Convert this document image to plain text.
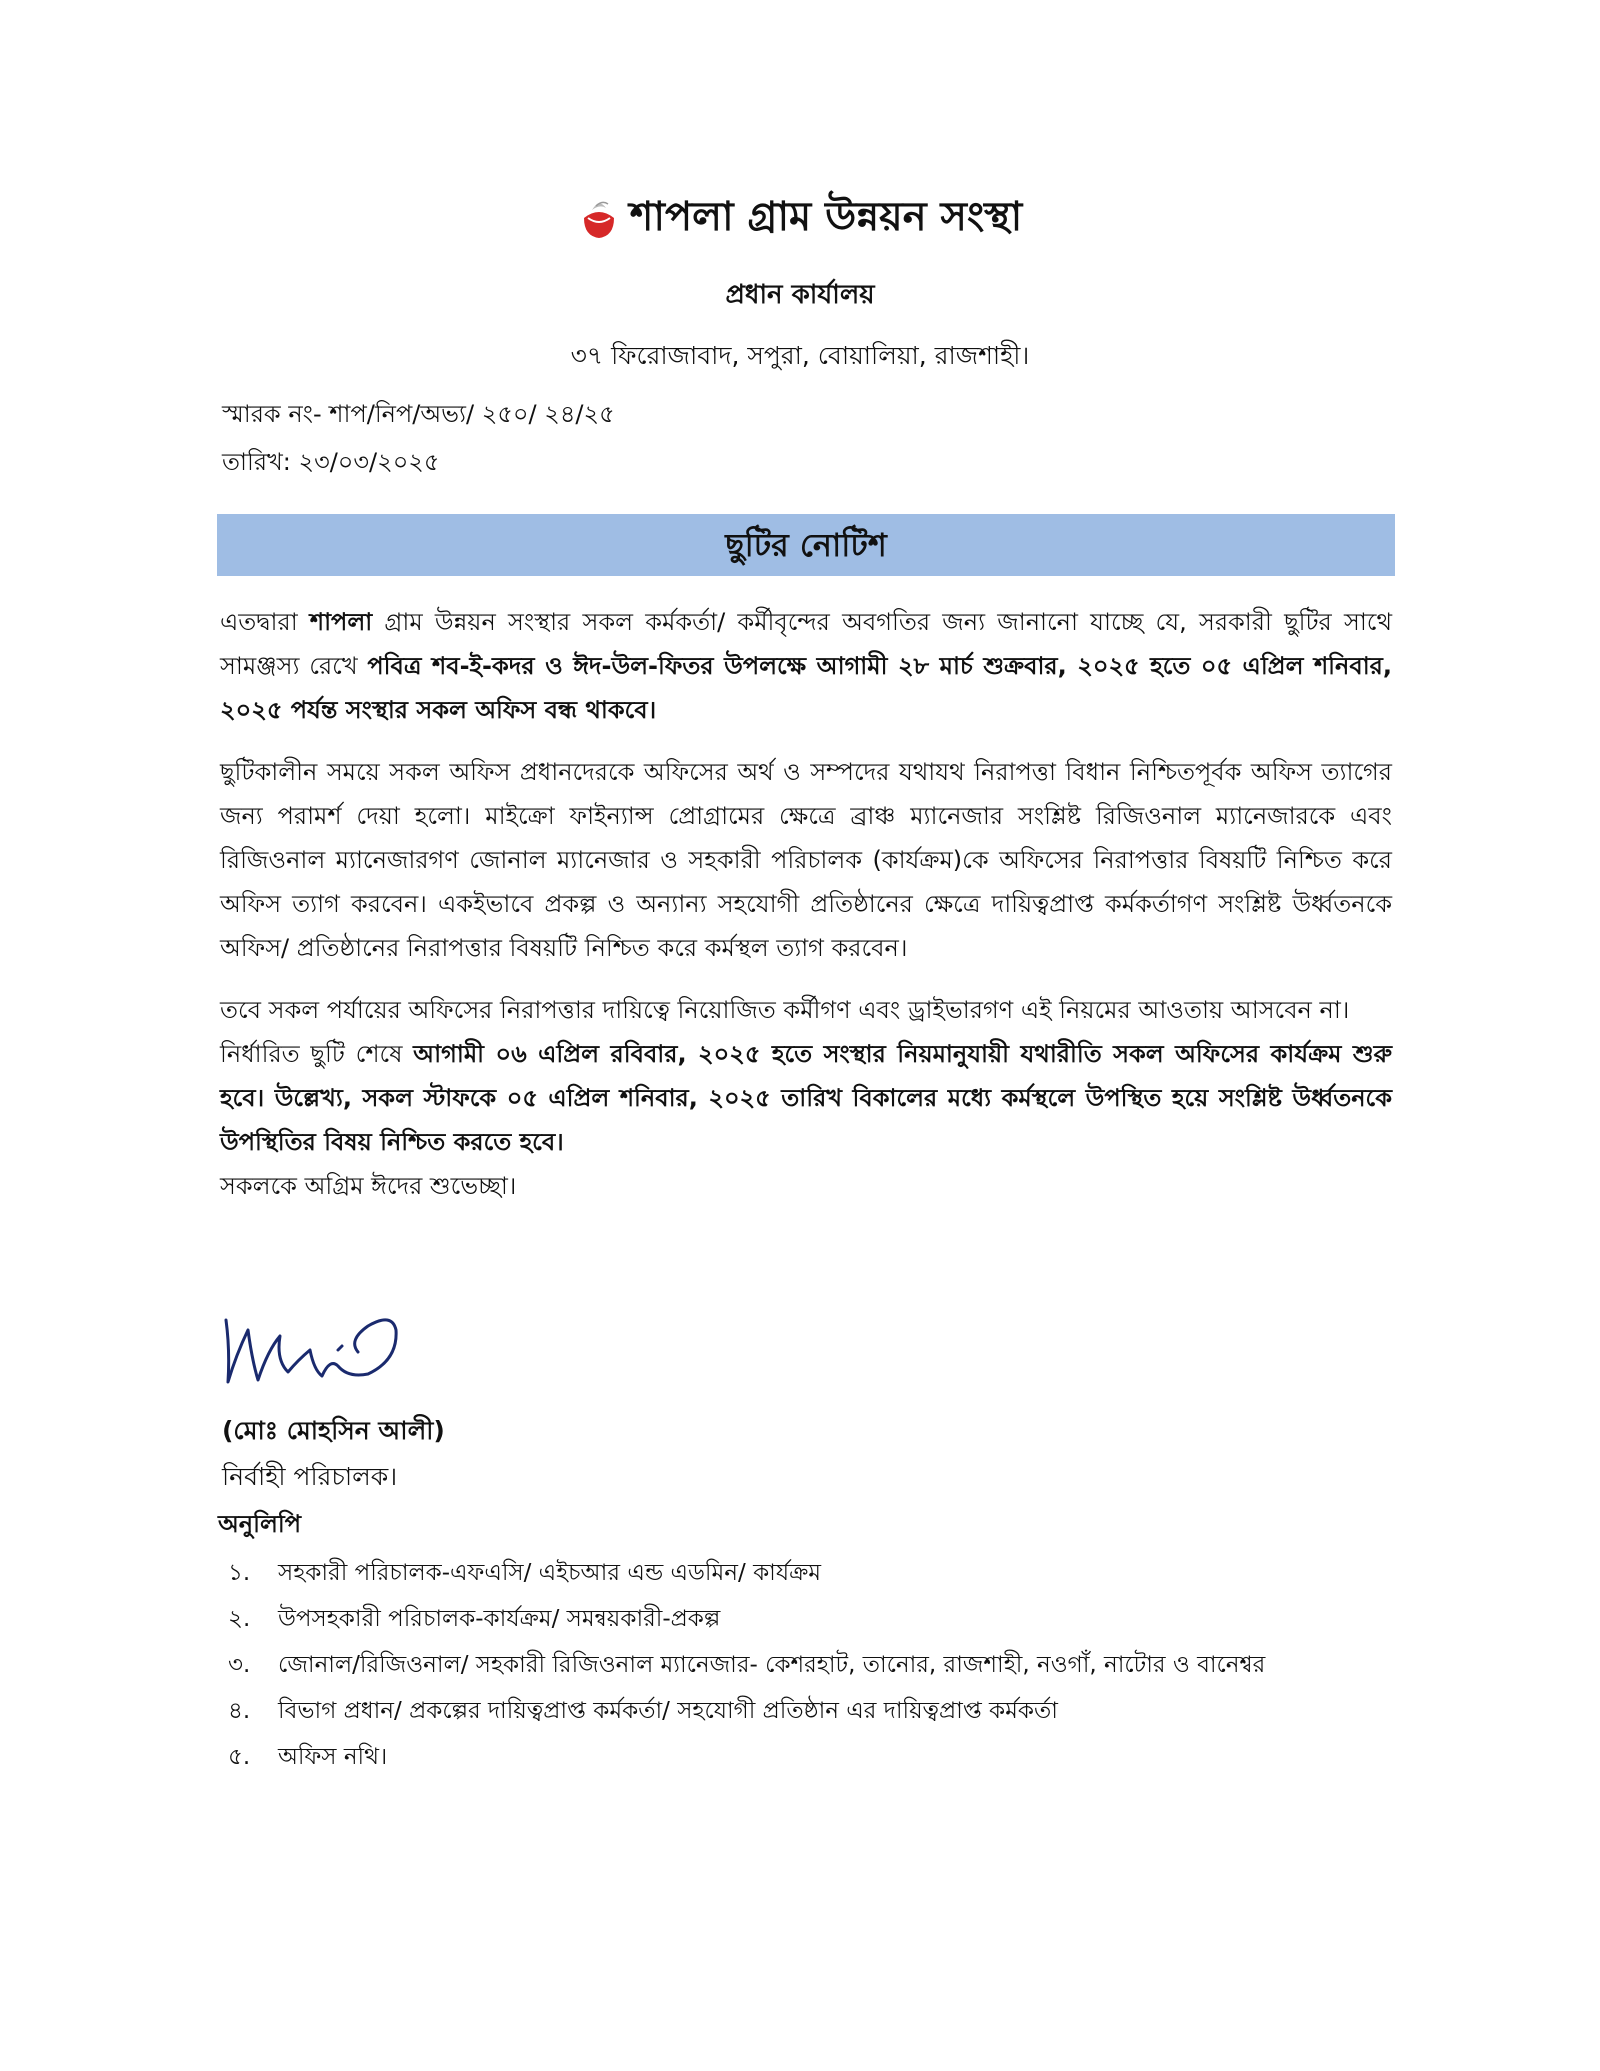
শাপলা গ্রাম উন্নয়ন সংস্থা
প্রধান কার্যালয়
৩৭ ফিরোজাবাদ, সপুরা, বোয়ালিয়া, রাজশাহী।
স্মারক নং- শাপ/নিপ/অভ্য/ ২৫০/ ২৪/২৫
তারিখ: ২৩/০৩/২০২৫
ছুটির নোটিশ

এতদ্বারা শাপলা গ্রাম উন্নয়ন সংস্থার সকল কর্মকর্তা/ কর্মীবৃন্দের অবগতির জন্য জানানো যাচ্ছে যে, সরকারী ছুটির সাথে সামঞ্জস্য রেখে পবিত্র শব-ই-কদর ও ঈদ-উল-ফিতর উপলক্ষে আগামী ২৮ মার্চ শুক্রবার, ২০২৫ হতে ০৫ এপ্রিল শনিবার, ২০২৫ পর্যন্ত সংস্থার সকল অফিস বন্ধ থাকবে।

ছুটিকালীন সময়ে সকল অফিস প্রধানদেরকে অফিসের অর্থ ও সম্পদের যথাযথ নিরাপত্তা বিধান নিশ্চিতপূর্বক অফিস ত্যাগের জন্য পরামর্শ দেয়া হলো। মাইক্রো ফাইন্যান্স প্রোগ্রামের ক্ষেত্রে ব্রাঞ্চ ম্যানেজার সংশ্লিষ্ট রিজিওনাল ম্যানেজারকে এবং রিজিওনাল ম্যানেজারগণ জোনাল ম্যানেজার ও সহকারী পরিচালক (কার্যক্রম)কে অফিসের নিরাপত্তার বিষয়টি নিশ্চিত করে অফিস ত্যাগ করবেন। একইভাবে প্রকল্প ও অন্যান্য সহযোগী প্রতিষ্ঠানের ক্ষেত্রে দায়িত্বপ্রাপ্ত কর্মকর্তাগণ সংশ্লিষ্ট উর্ধ্বতনকে অফিস/ প্রতিষ্ঠানের নিরাপত্তার বিষয়টি নিশ্চিত করে কর্মস্থল ত্যাগ করবেন।

তবে সকল পর্যায়ের অফিসের নিরাপত্তার দায়িত্বে নিয়োজিত কর্মীগণ এবং ড্রাইভারগণ এই নিয়মের আওতায় আসবেন না।

নির্ধারিত ছুটি শেষে আগামী ০৬ এপ্রিল রবিবার, ২০২৫ হতে সংস্থার নিয়মানুযায়ী যথারীতি সকল অফিসের কার্যক্রম শুরু হবে। উল্লেখ্য, সকল স্টাফকে ০৫ এপ্রিল শনিবার, ২০২৫ তারিখ বিকালের মধ্যে কর্মস্থলে উপস্থিত হয়ে সংশ্লিষ্ট উর্ধ্বতনকে উপস্থিতির বিষয় নিশ্চিত করতে হবে।

সকলকে অগ্রিম ঈদের শুভেচ্ছা।

(মোঃ মোহসিন আলী)
নির্বাহী পরিচালক।
অনুলিপি
১.	সহকারী পরিচালক-এফএসি/ এইচআর এন্ড এডমিন/ কার্যক্রম
২.	উপসহকারী পরিচালক-কার্যক্রম/ সমন্বয়কারী-প্রকল্প
৩.	জোনাল/রিজিওনাল/ সহকারী রিজিওনাল ম্যানেজার- কেশরহাট, তানোর, রাজশাহী, নওগাঁ, নাটোর ও বানেশ্বর
৪.	বিভাগ প্রধান/ প্রকল্পের দায়িত্বপ্রাপ্ত কর্মকর্তা/ সহযোগী প্রতিষ্ঠান এর দায়িত্বপ্রাপ্ত কর্মকর্তা
৫.	অফিস নথি।
